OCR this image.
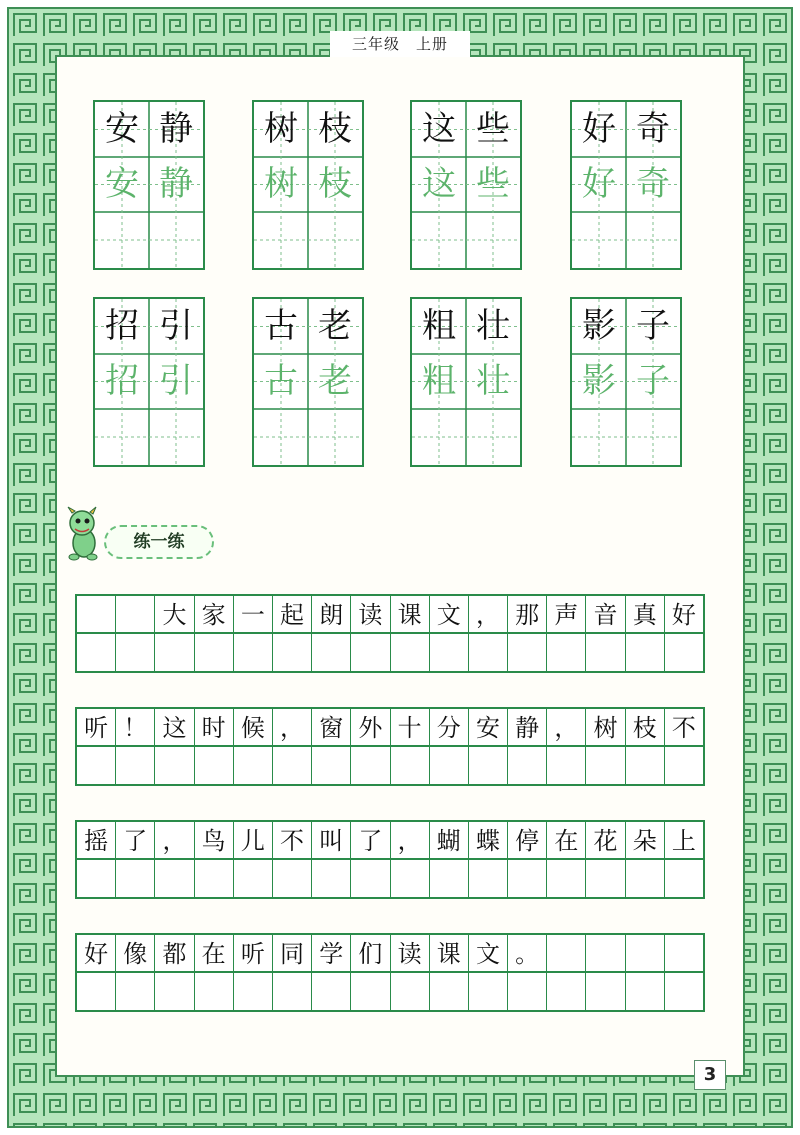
三年级　上册
安
安
静
静
树
树
枝
枝
这
这
些
些
好
好
奇
奇
招
招
引
引
古
古
老
老
粗
粗
壮
壮
影
影
子
子
练一练
大 家 一 起 朗 读 课 文 ， 那 声 音 真 好
听 ！ 这 时 候 ， 窗 外 十 分 安 静 ， 树 枝 不
摇 了 ， 鸟 儿 不 叫 了 ， 蝴 蝶 停 在 花 朵 上
好 像 都 在 听 同 学 们 读 课 文 。
3
